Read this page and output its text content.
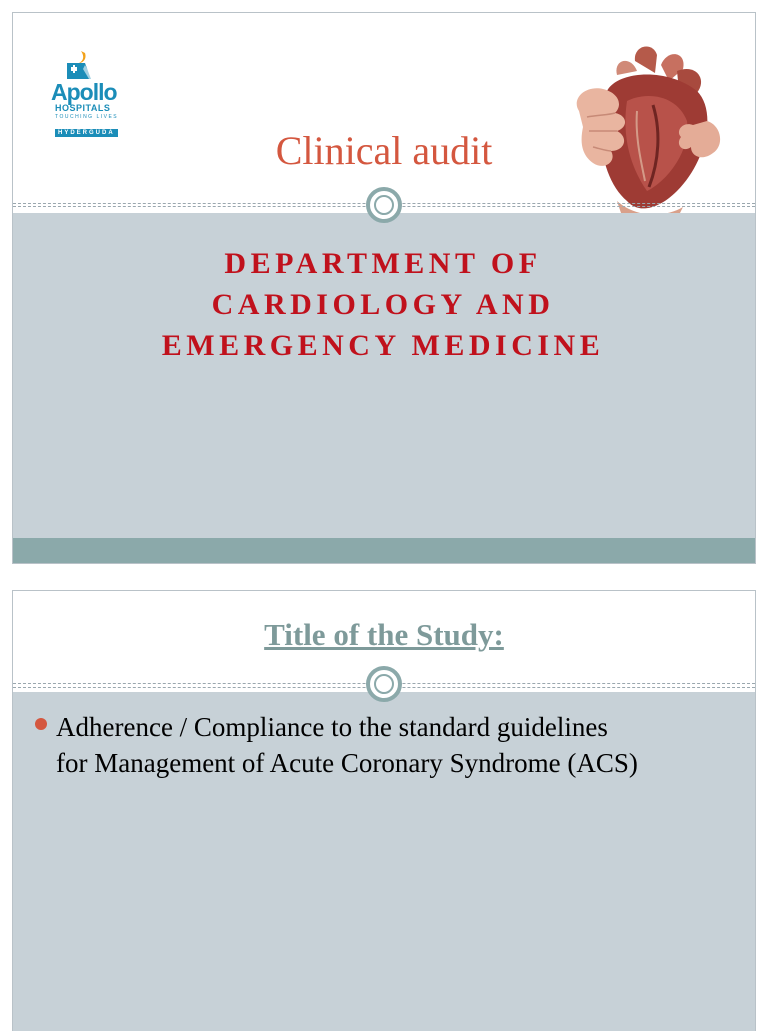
Apollo
HOSPITALS
TOUCHING LIVES
HYDERGUDA	Clinical audit
DEPARTMENT OF
CARDIOLOGY AND
EMERGENCY MEDICINE
Title of the Study:
Adherence / Compliance to the standard guidelines
for Management of Acute Coronary Syndrome (ACS)
